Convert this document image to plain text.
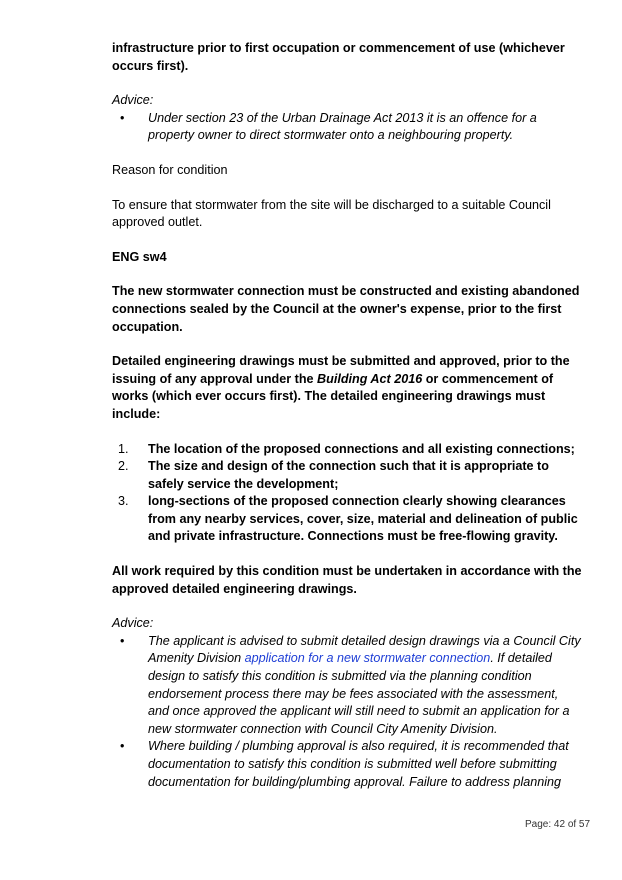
infrastructure prior to first occupation or commencement of use (whichever occurs first).

Advice:

• Under section 23 of the Urban Drainage Act 2013 it is an offence for a property owner to direct stormwater onto a neighbouring property.

Reason for condition

To ensure that stormwater from the site will be discharged to a suitable Council approved outlet.

ENG sw4

The new stormwater connection must be constructed and existing abandoned connections sealed by the Council at the owner's expense, prior to the first occupation.

Detailed engineering drawings must be submitted and approved, prior to the issuing of any approval under the Building Act 2016 or commencement of works (which ever occurs first). The detailed engineering drawings must include:

1. The location of the proposed connections and all existing connections;
2. The size and design of the connection such that it is appropriate to safely service the development;
3. long-sections of the proposed connection clearly showing clearances from any nearby services, cover, size, material and delineation of public and private infrastructure. Connections must be free-flowing gravity.

All work required by this condition must be undertaken in accordance with the approved detailed engineering drawings.

Advice:

• The applicant is advised to submit detailed design drawings via a Council City Amenity Division application for a new stormwater connection. If detailed design to satisfy this condition is submitted via the planning condition endorsement process there may be fees associated with the assessment, and once approved the applicant will still need to submit an application for a new stormwater connection with Council City Amenity Division.
• Where building / plumbing approval is also required, it is recommended that documentation to satisfy this condition is submitted well before submitting documentation for building/plumbing approval. Failure to address planning
Page: 42 of 57
